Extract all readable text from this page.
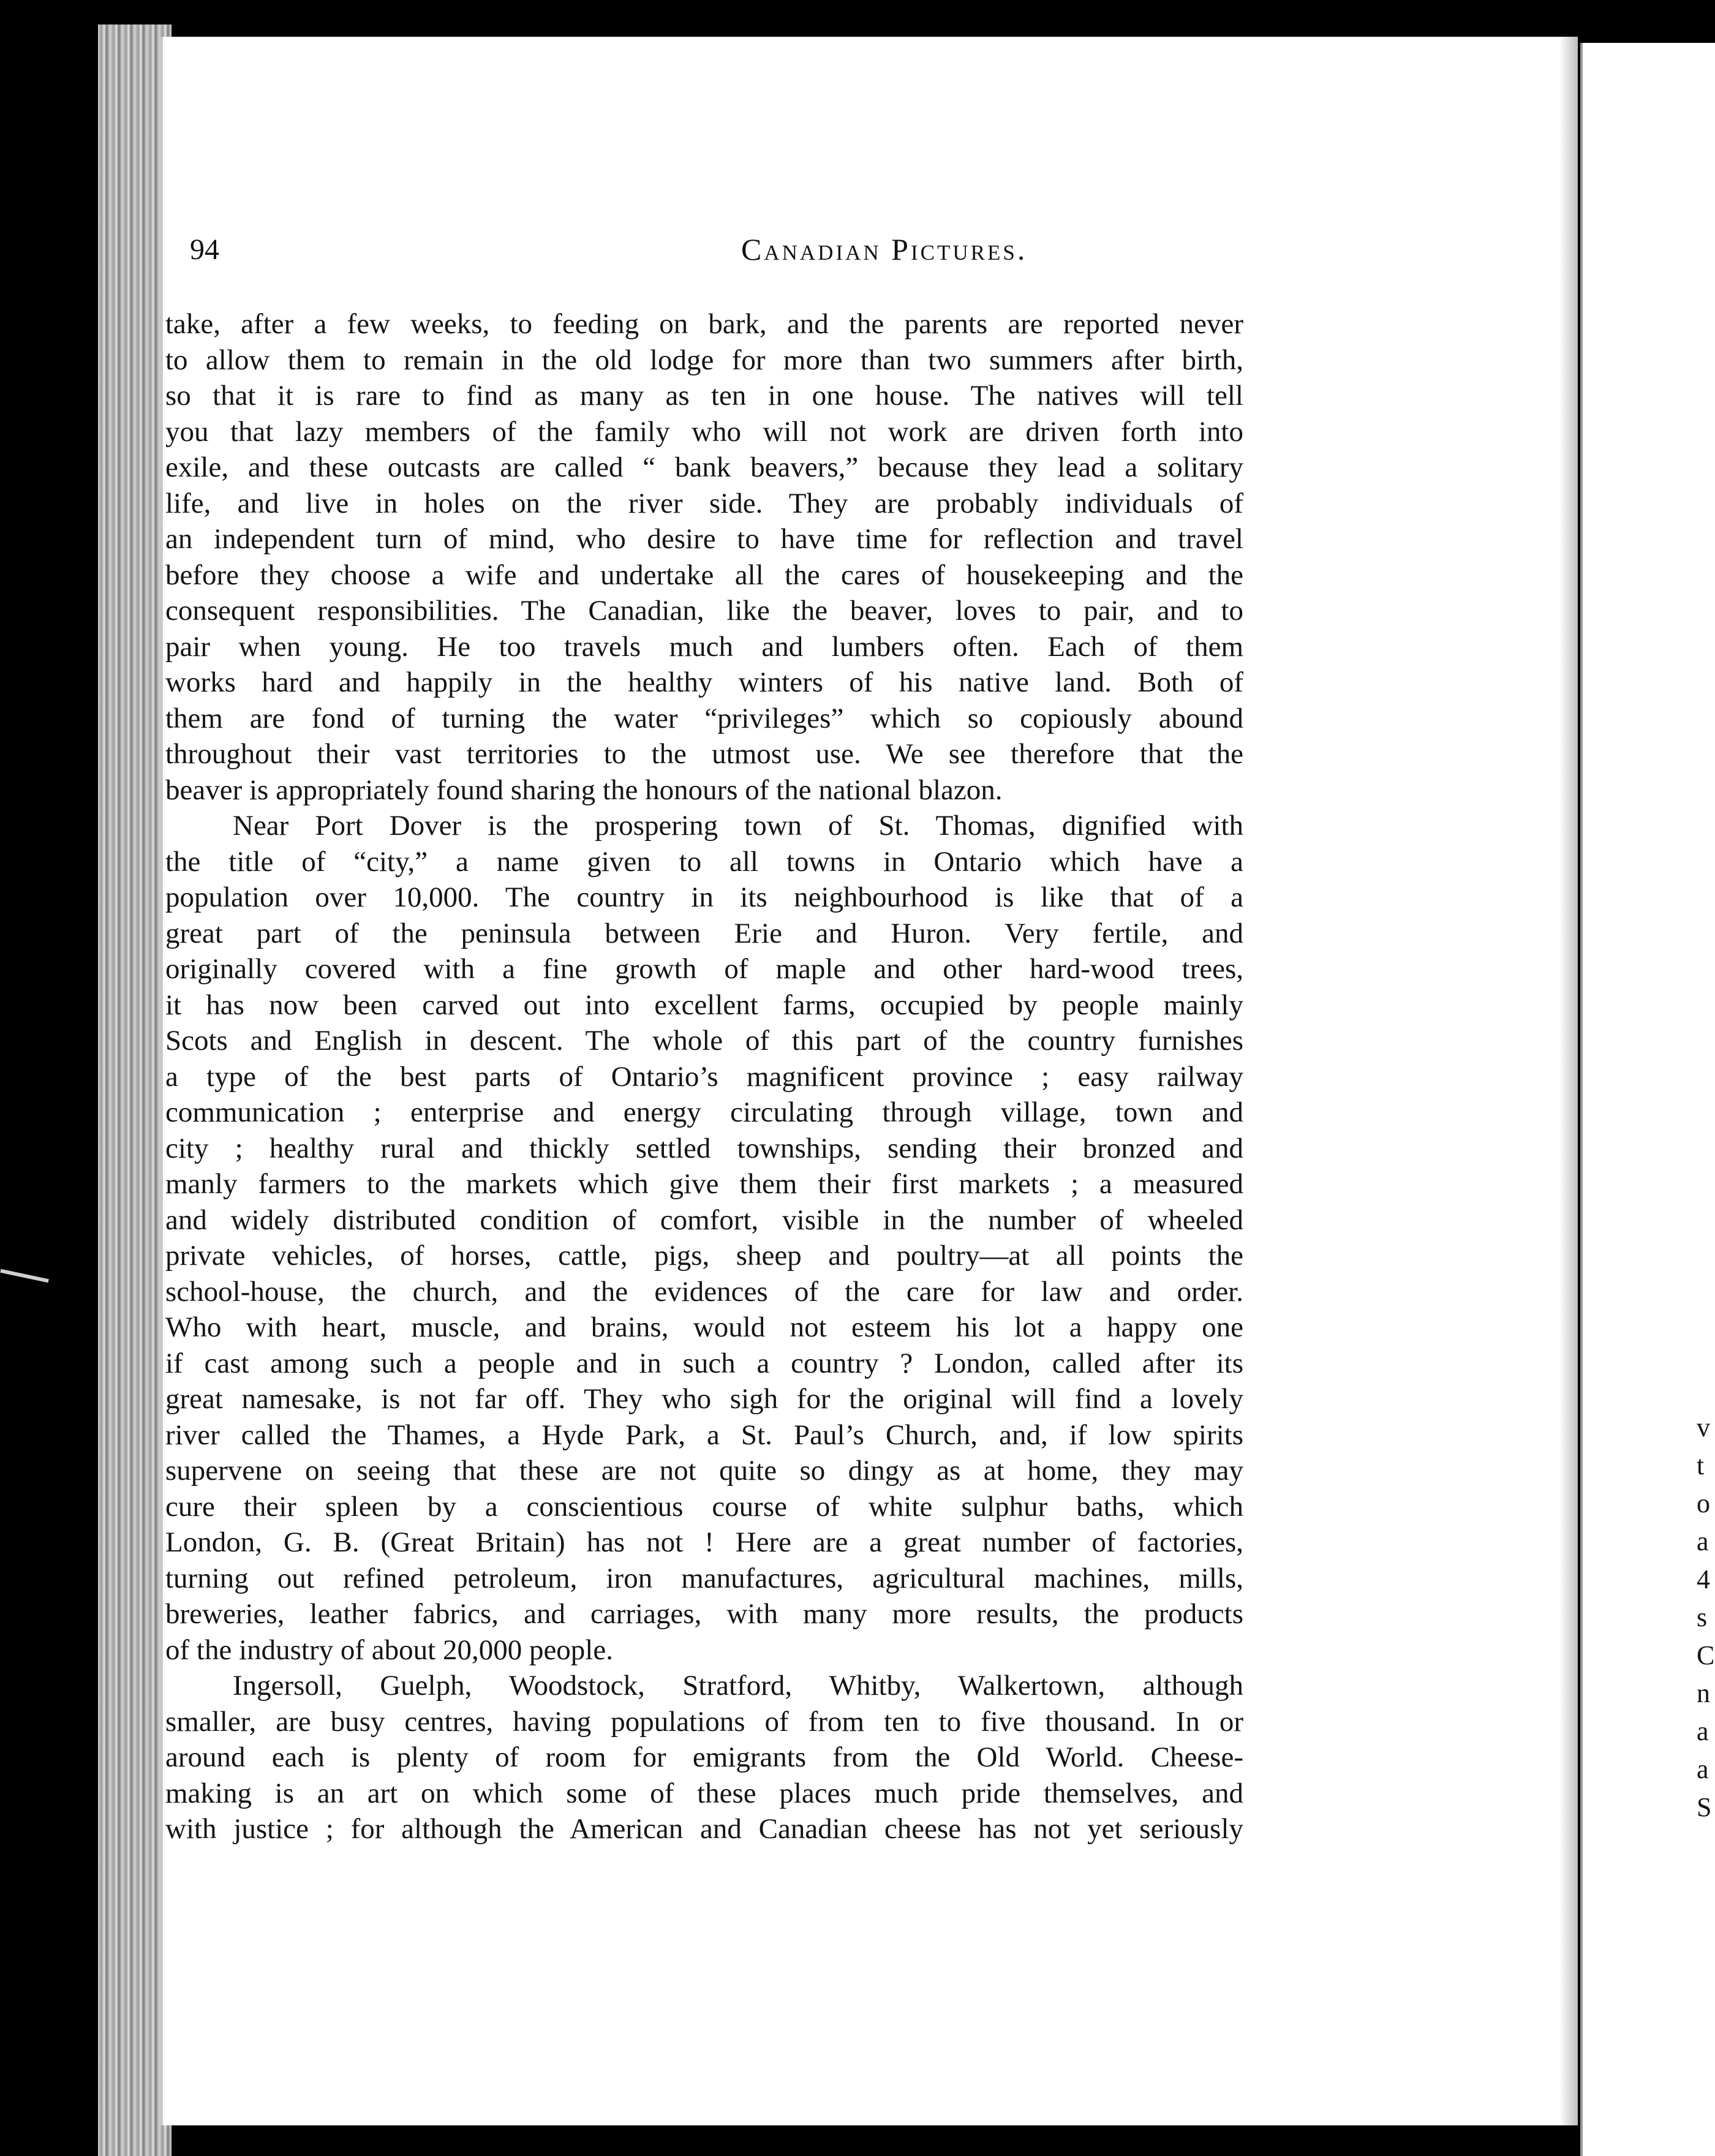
94	Canadian Pictures.
take, after a few weeks, to feeding on bark, and the parents are reported never
to allow them to remain in the old lodge for more than two summers after birth,
so that it is rare to find as many as ten in one house. The natives will tell
you that lazy members of the family who will not work are driven forth into
exile, and these outcasts are called “ bank beavers,” because they lead a solitary
life, and live in holes on the river side. They are probably individuals of
an independent turn of mind, who desire to have time for reflection and travel
before they choose a wife and undertake all the cares of housekeeping and the
consequent responsibilities. The Canadian, like the beaver, loves to pair, and to
pair when young. He too travels much and lumbers often. Each of them
works hard and happily in the healthy winters of his native land. Both of
them are fond of turning the water “privileges” which so copiously abound
throughout their vast territories to the utmost use. We see therefore that the
beaver is appropriately found sharing the honours of the national blazon.
Near Port Dover is the prospering town of St. Thomas, dignified with
the title of “city,” a name given to all towns in Ontario which have a
population over 10,000. The country in its neighbourhood is like that of a
great part of the peninsula between Erie and Huron. Very fertile, and
originally covered with a fine growth of maple and other hard-wood trees,
it has now been carved out into excellent farms, occupied by people mainly
Scots and English in descent. The whole of this part of the country furnishes
a type of the best parts of Ontario’s magnificent province ; easy railway
communication ; enterprise and energy circulating through village, town and
city ; healthy rural and thickly settled townships, sending their bronzed and
manly farmers to the markets which give them their first markets ; a measured
and widely distributed condition of comfort, visible in the number of wheeled
private vehicles, of horses, cattle, pigs, sheep and poultry—at all points the
school-house, the church, and the evidences of the care for law and order.
Who with heart, muscle, and brains, would not esteem his lot a happy one
if cast among such a people and in such a country ? London, called after its
great namesake, is not far off. They who sigh for the original will find a lovely
river called the Thames, a Hyde Park, a St. Paul’s Church, and, if low spirits
supervene on seeing that these are not quite so dingy as at home, they may
cure their spleen by a conscientious course of white sulphur baths, which
London, G. B. (Great Britain) has not ! Here are a great number of factories,
turning out refined petroleum, iron manufactures, agricultural machines, mills,
breweries, leather fabrics, and carriages, with many more results, the products
of the industry of about 20,000 people.
Ingersoll, Guelph, Woodstock, Stratford, Whitby, Walkertown, although
smaller, are busy centres, having populations of from ten to five thousand. In or
around each is plenty of room for emigrants from the Old World. Cheese-
making is an art on which some of these places much pride themselves, and
with justice ; for although the American and Canadian cheese has not yet seriously
v
t
o
a
4
s
C
n
a
a
S
